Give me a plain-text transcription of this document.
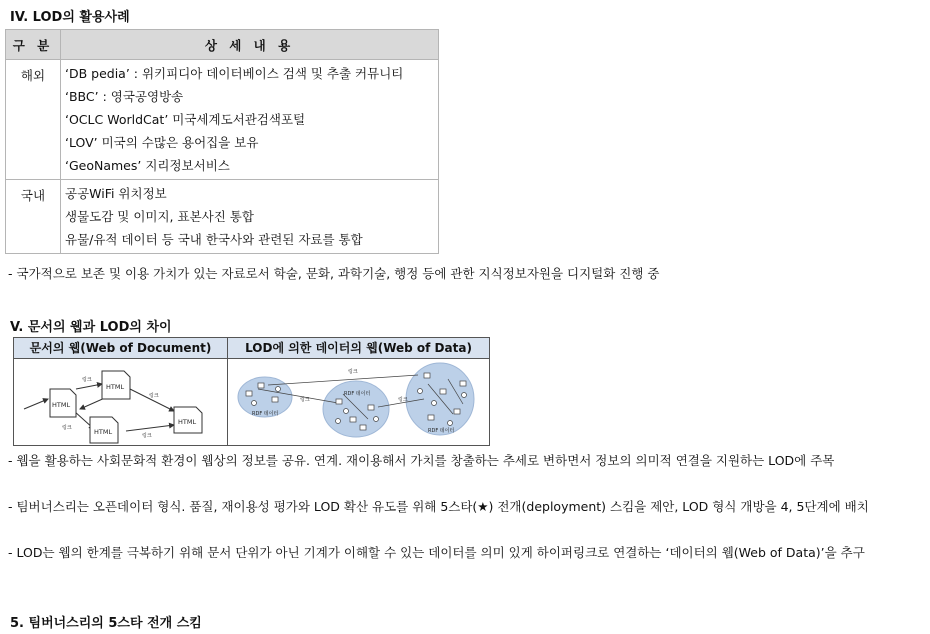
IV. LOD의 활용사례
구 분	상 세 내 용
해외	‘DB pedia’ : 위키피디아 데이터베이스 검색 및 추출 커뮤니티
‘BBC’ : 영국공영방송
‘OCLC WorldCat’ 미국세계도서관검색포털
‘LOV’ 미국의 수많은 용어집을 보유
‘GeoNames’ 지리정보서비스

국내	공공WiFi 위치정보
생물도감 및 이미지, 표본사진 통합
유물/유적 데이터 등 국내 한국사와 관련된 자료를 통합
- 국가적으로 보존 및 이용 가치가 있는 자료로서 학술, 문화, 과학기술, 행정 등에 관한 지식정보자원을 디지털화 진행 중
V. 문서의 웹과 LOD의 차이
문서의 웹(Web of Document)
HTML
HTML
HTML
HTML
링크
링크
링크
링크
LOD에 의한 데이터의 웹(Web of Data)
RDF 데이터
RDF 데이터
RDF 데이터
링크
링크	링크
- 웹을 활용하는 사회문화적 환경이 웹상의 정보를 공유. 연계. 재이용해서 가치를 창출하는 추세로 변하면서 정보의 의미적 연결을 지원하는 LOD에 주목
- 팀버너스리는 오픈데이터 형식. 품질, 재이용성 평가와 LOD 확산 유도를 위해 5스타(★) 전개(deployment) 스킴을 제안, LOD 형식 개방을 4, 5단계에 배치
- LOD는 웹의 한계를 극복하기 위해 문서 단위가 아닌 기계가 이해할 수 있는 데이터를 의미 있게 하이퍼링크로 연결하는 ‘데이터의 웹(Web of Data)’을 추구
5. 팀버너스리의 5스타 전개 스킴
